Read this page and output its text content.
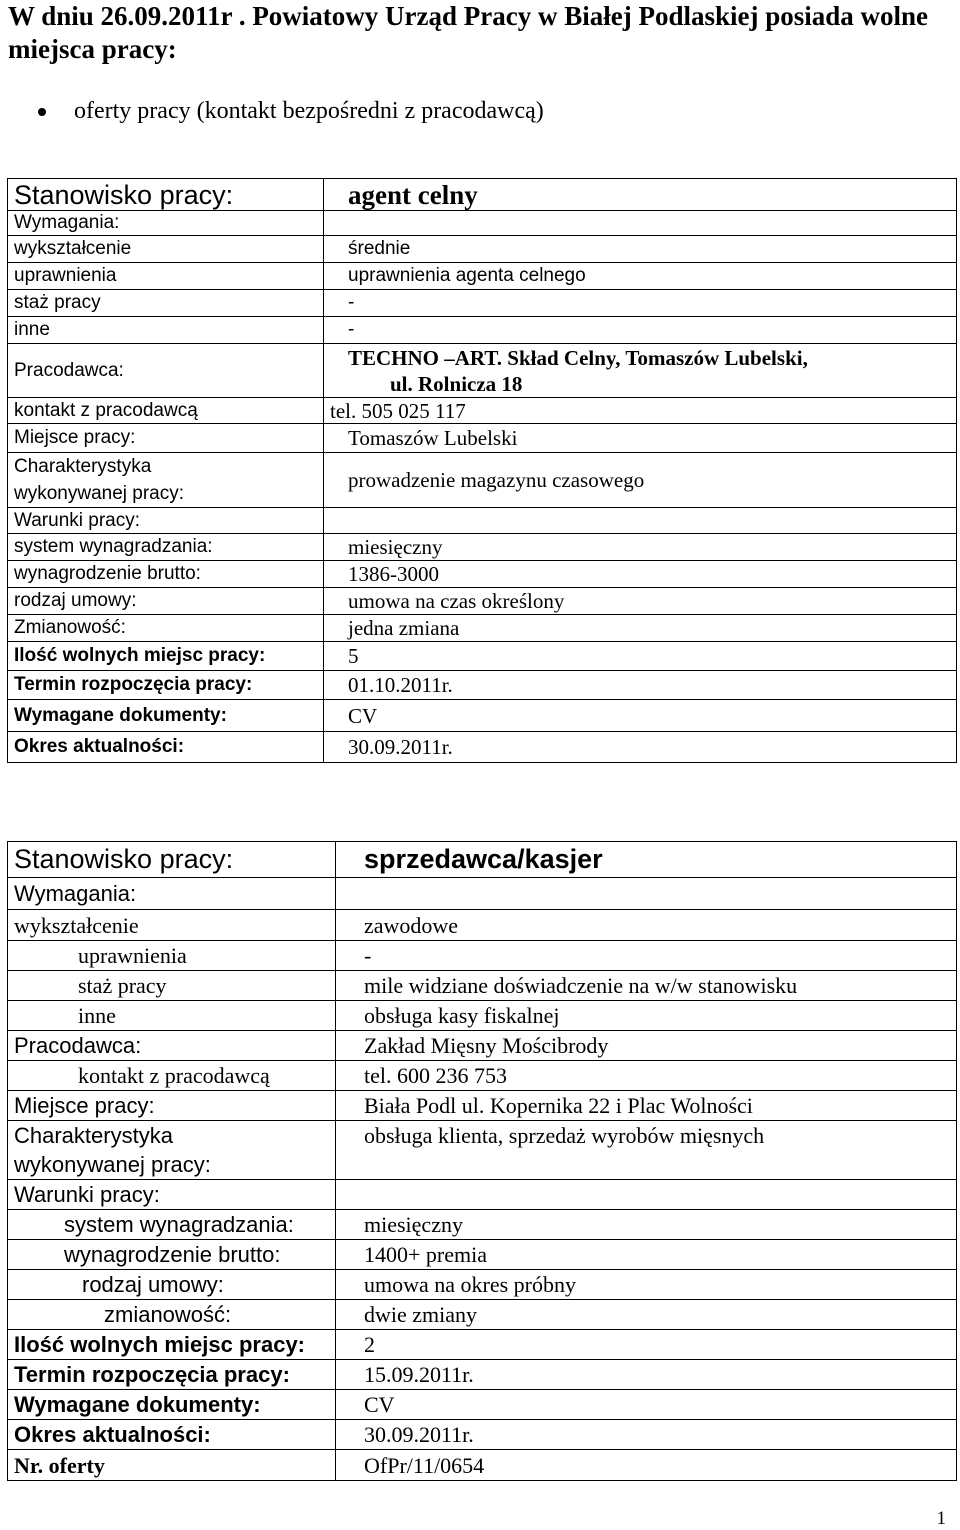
W dniu 26.09.2011r . Powiatowy Urząd Pracy w Białej Podlaskiej posiada wolne miejsca pracy:
oferty pracy (kontakt bezpośredni z pracodawcą)
Stanowisko pracy:	agent celny
Wymagania:	
wykształcenie	średnie
uprawnienia	uprawnienia agenta celnego
staż pracy	-
inne	-
Pracodawca:	TECHNO –ART. Skład Celny, Tomaszów Lubelski,
ul. Rolnicza 18

kontakt z pracodawcą	tel. 505 025 117
Miejsce pracy:	Tomaszów Lubelski

Charakterystyka
wykonywanej pracy:	prowadzenie magazynu czasowego
Warunki pracy:	
system wynagradzania:	miesięczny
wynagrodzenie brutto:	1386-3000
rodzaj umowy:	umowa na czas określony
Zmianowość:	jedna zmiana
Ilość wolnych miejsc pracy:	5
Termin rozpoczęcia pracy:	01.10.2011r.
Wymagane dokumenty:	CV
Okres aktualności:	30.09.2011r.
Stanowisko pracy:	sprzedawca/kasjer
Wymagania:	
wykształcenie	zawodowe
uprawnienia	-
staż pracy	mile widziane doświadczenie na w/w stanowisku
inne	obsługa kasy fiskalnej
Pracodawca:	Zakład Mięsny Mościbrody
kontakt z pracodawcą	tel. 600 236 753
Miejsce pracy:	Biała Podl ul. Kopernika 22 i Plac Wolności

Charakterystyka
wykonywanej pracy:	obsługa klienta, sprzedaż wyrobów mięsnych
Warunki pracy:	
system wynagradzania:	miesięczny
wynagrodzenie brutto:	1400+ premia
rodzaj umowy:	umowa na okres próbny
zmianowość:	dwie zmiany
Ilość wolnych miejsc pracy:	2
Termin rozpoczęcia pracy:	15.09.2011r.
Wymagane dokumenty:	CV
Okres aktualności:	30.09.2011r.
Nr. oferty	OfPr/11/0654
1
